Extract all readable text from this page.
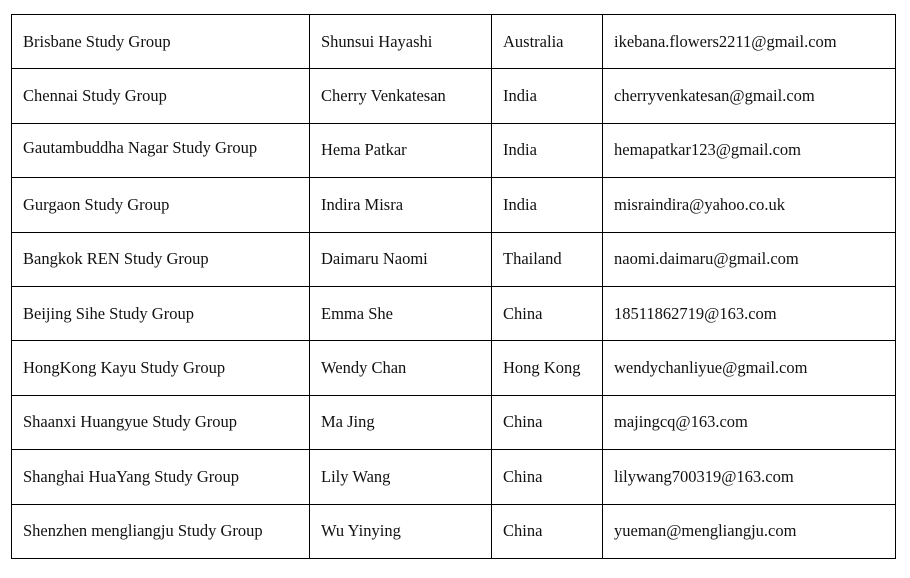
Brisbane Study Group	Shunsui Hayashi	Australia	ikebana.flowers2211@gmail.com
Chennai Study Group	Cherry Venkatesan	India	cherryvenkatesan@gmail.com
Gautambuddha Nagar Study Group	Hema Patkar	India	hemapatkar123@gmail.com
Gurgaon Study Group	Indira Misra	India	misraindira@yahoo.co.uk
Bangkok REN Study Group	Daimaru Naomi	Thailand	naomi.daimaru@gmail.com
Beijing Sihe Study Group	Emma She	China	18511862719@163.com
HongKong Kayu Study Group	Wendy Chan	Hong Kong	wendychanliyue@gmail.com
Shaanxi Huangyue Study Group	Ma Jing	China	majingcq@163.com
Shanghai HuaYang Study Group	Lily Wang	China	lilywang700319@163.com
Shenzhen mengliangju Study Group	Wu Yinying	China	yueman@mengliangju.com
